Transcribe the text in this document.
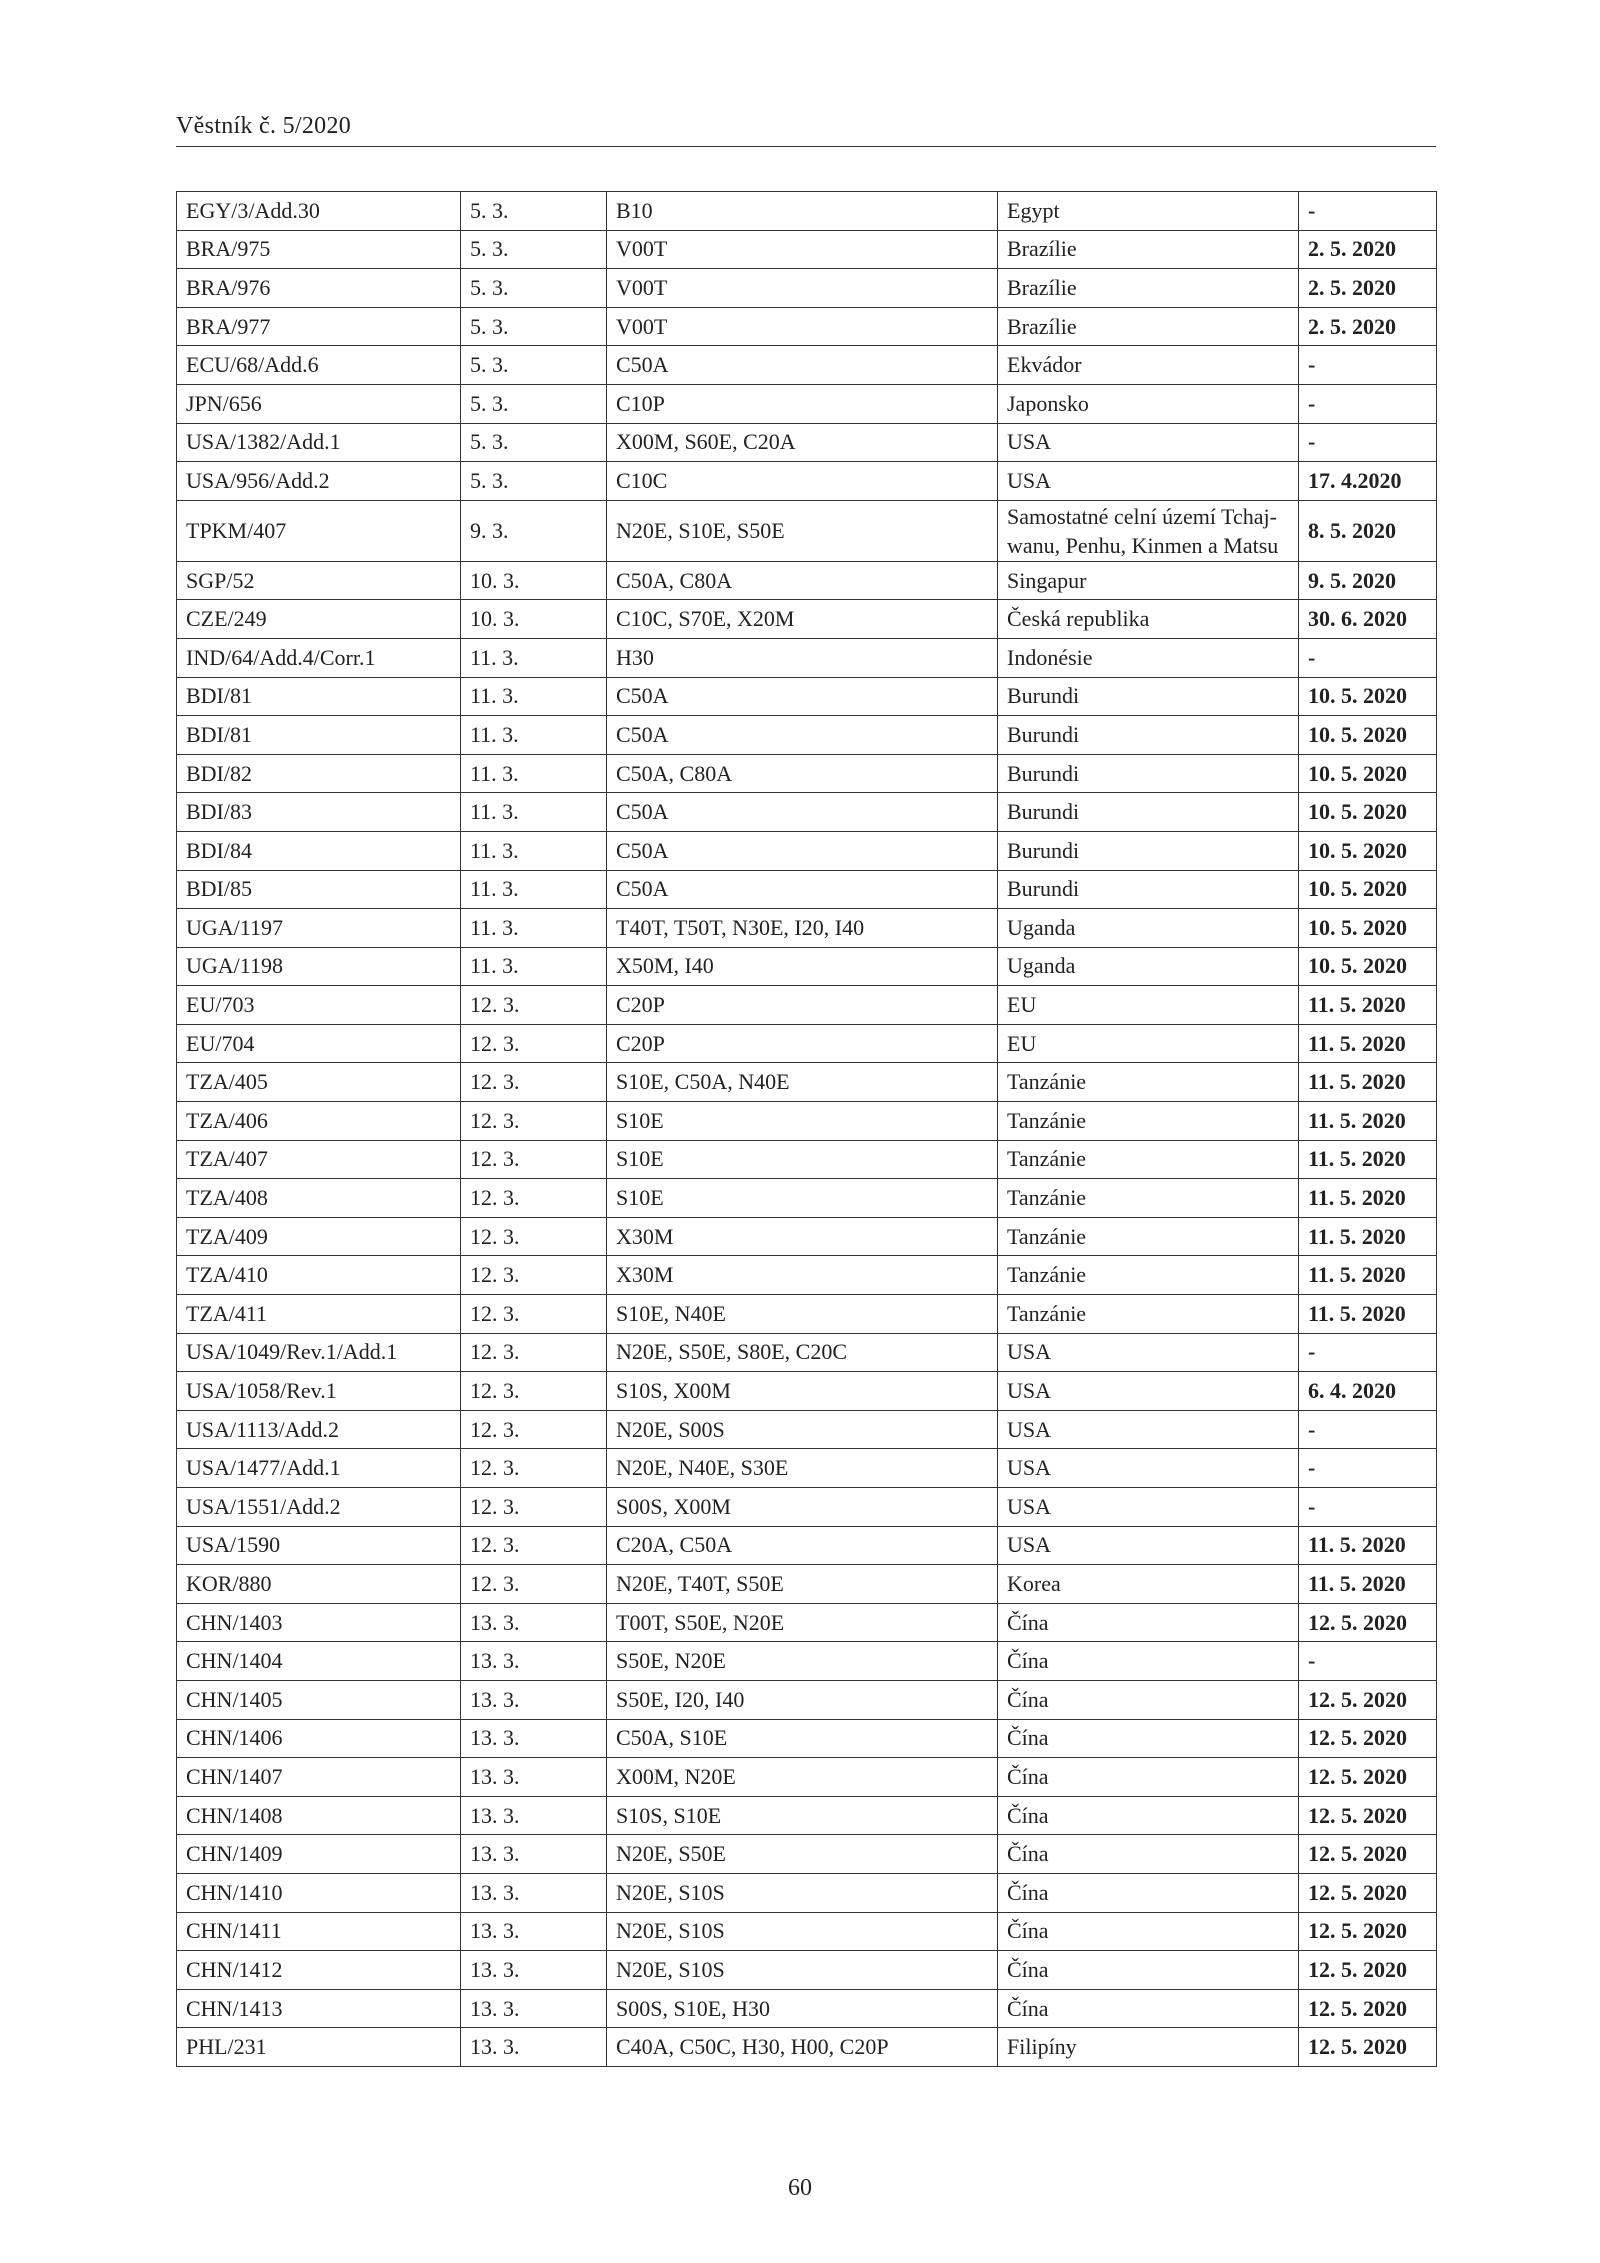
Věstník č. 5/2020
EGY/3/Add.30	5. 3.	B10	Egypt	-
BRA/975	5. 3.	V00T	Brazílie	2. 5. 2020
BRA/976	5. 3.	V00T	Brazílie	2. 5. 2020
BRA/977	5. 3.	V00T	Brazílie	2. 5. 2020
ECU/68/Add.6	5. 3.	C50A	Ekvádor	-
JPN/656	5. 3.	C10P	Japonsko	-
USA/1382/Add.1	5. 3.	X00M, S60E, C20A	USA	-
USA/956/Add.2	5. 3.	C10C	USA	17. 4.2020
TPKM/407	9. 3.	N20E, S10E, S50E	Samostatné celní území Tchaj-wanu, Penhu, Kinmen a Matsu	8. 5. 2020
SGP/52	10. 3.	C50A, C80A	Singapur	9. 5. 2020
CZE/249	10. 3.	C10C, S70E, X20M	Česká republika	30. 6. 2020
IND/64/Add.4/Corr.1	11. 3.	H30	Indonésie	-
BDI/81	11. 3.	C50A	Burundi	10. 5. 2020
BDI/81	11. 3.	C50A	Burundi	10. 5. 2020
BDI/82	11. 3.	C50A, C80A	Burundi	10. 5. 2020
BDI/83	11. 3.	C50A	Burundi	10. 5. 2020
BDI/84	11. 3.	C50A	Burundi	10. 5. 2020
BDI/85	11. 3.	C50A	Burundi	10. 5. 2020
UGA/1197	11. 3.	T40T, T50T, N30E, I20, I40	Uganda	10. 5. 2020
UGA/1198	11. 3.	X50M, I40	Uganda	10. 5. 2020
EU/703	12. 3.	C20P	EU	11. 5. 2020
EU/704	12. 3.	C20P	EU	11. 5. 2020
TZA/405	12. 3.	S10E, C50A, N40E	Tanzánie	11. 5. 2020
TZA/406	12. 3.	S10E	Tanzánie	11. 5. 2020
TZA/407	12. 3.	S10E	Tanzánie	11. 5. 2020
TZA/408	12. 3.	S10E	Tanzánie	11. 5. 2020
TZA/409	12. 3.	X30M	Tanzánie	11. 5. 2020
TZA/410	12. 3.	X30M	Tanzánie	11. 5. 2020
TZA/411	12. 3.	S10E, N40E	Tanzánie	11. 5. 2020
USA/1049/Rev.1/Add.1	12. 3.	N20E, S50E, S80E, C20C	USA	-
USA/1058/Rev.1	12. 3.	S10S, X00M	USA	6. 4. 2020
USA/1113/Add.2	12. 3.	N20E, S00S	USA	-
USA/1477/Add.1	12. 3.	N20E, N40E, S30E	USA	-
USA/1551/Add.2	12. 3.	S00S, X00M	USA	-
USA/1590	12. 3.	C20A, C50A	USA	11. 5. 2020
KOR/880	12. 3.	N20E, T40T, S50E	Korea	11. 5. 2020
CHN/1403	13. 3.	T00T, S50E, N20E	Čína	12. 5. 2020
CHN/1404	13. 3.	S50E, N20E	Čína	-
CHN/1405	13. 3.	S50E, I20, I40	Čína	12. 5. 2020
CHN/1406	13. 3.	C50A, S10E	Čína	12. 5. 2020
CHN/1407	13. 3.	X00M, N20E	Čína	12. 5. 2020
CHN/1408	13. 3.	S10S, S10E	Čína	12. 5. 2020
CHN/1409	13. 3.	N20E, S50E	Čína	12. 5. 2020
CHN/1410	13. 3.	N20E, S10S	Čína	12. 5. 2020
CHN/1411	13. 3.	N20E, S10S	Čína	12. 5. 2020
CHN/1412	13. 3.	N20E, S10S	Čína	12. 5. 2020
CHN/1413	13. 3.	S00S, S10E, H30	Čína	12. 5. 2020
PHL/231	13. 3.	C40A, C50C, H30, H00, C20P	Filipíny	12. 5. 2020
60
